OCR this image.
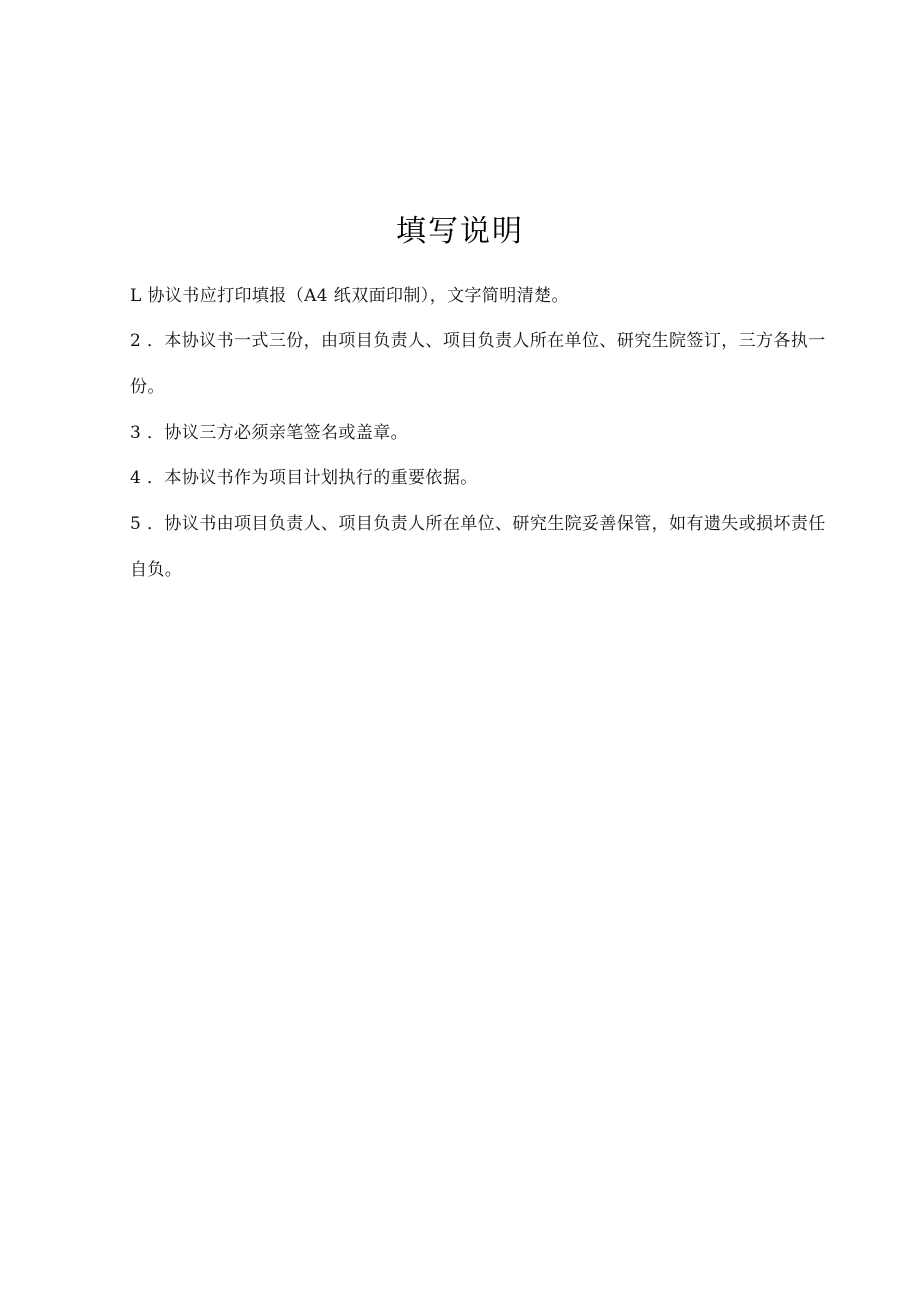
填写说明

L 协议书应打印填报（A4 纸双面印制），文字简明清楚。

2 ．本协议书一式三份，由项目负责人、项目负责人所在单位、研究生院签订，三方各执一份。

3 ．协议三方必须亲笔签名或盖章。

4 ．本协议书作为项目计划执行的重要依据。

5 ．协议书由项目负责人、项目负责人所在单位、研究生院妥善保管，如有遗失或损坏责任自负。
